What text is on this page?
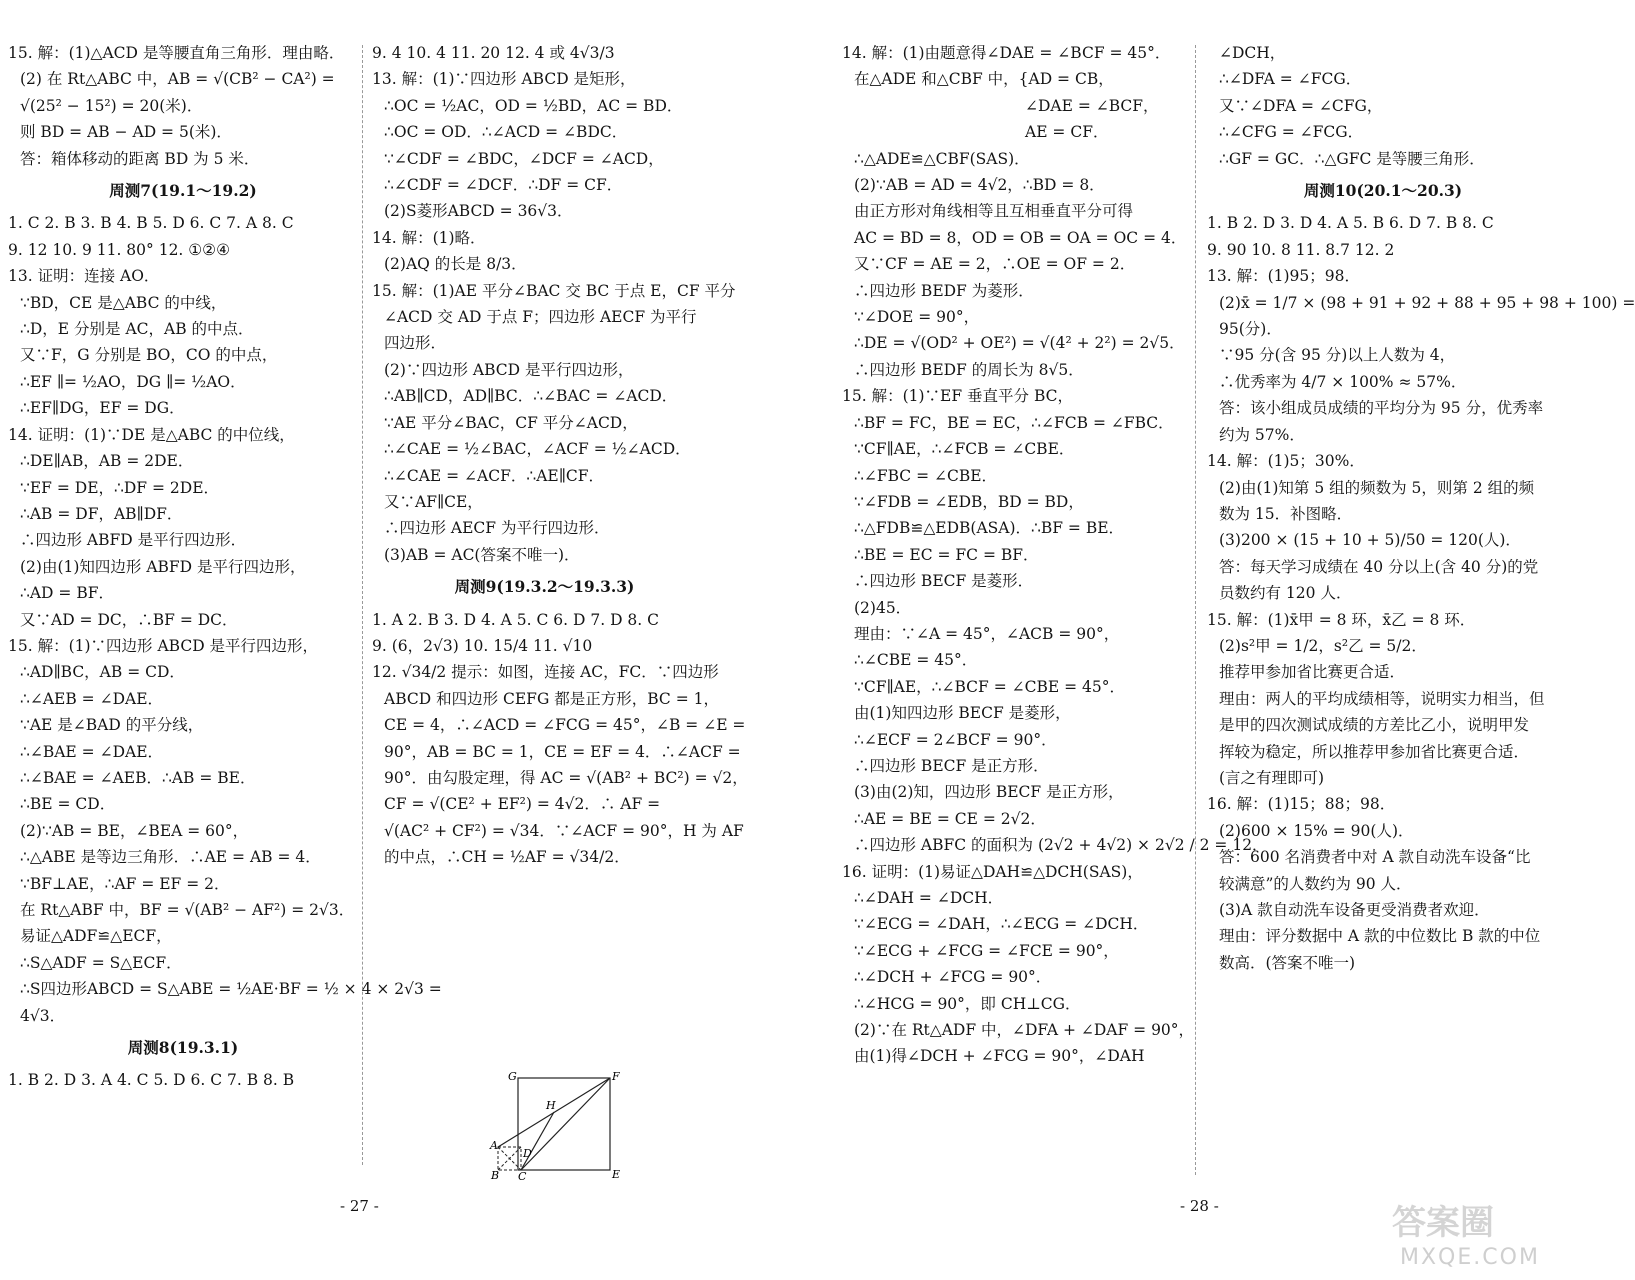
15. 解：(1)△ACD 是等腰直角三角形．理由略．
(2) 在 Rt△ABC 中，AB = √(CB² − CA²) =
√(25² − 15²) = 20(米)．
则 BD = AB − AD = 5(米)．
答：箱体移动的距离 BD 为 5 米．
周测7(19.1～19.2)
1. C 2. B 3. B 4. B 5. D 6. C 7. A 8. C
9. 12 10. 9 11. 80° 12. ①②④
13. 证明：连接 AO．
∵BD，CE 是△ABC 的中线，
∴D，E 分别是 AC，AB 的中点．
又∵F，G 分别是 BO，CO 的中点，
∴EF ∥= ½AO，DG ∥= ½AO．
∴EF∥DG，EF = DG．
14. 证明：(1)∵DE 是△ABC 的中位线，
∴DE∥AB，AB = 2DE．
∵EF = DE，∴DF = 2DE．
∴AB = DF，AB∥DF．
∴四边形 ABFD 是平行四边形．
(2)由(1)知四边形 ABFD 是平行四边形，
∴AD = BF．
又∵AD = DC，∴BF = DC．
15. 解：(1)∵四边形 ABCD 是平行四边形，
∴AD∥BC，AB = CD．
∴∠AEB = ∠DAE．
∵AE 是∠BAD 的平分线，
∴∠BAE = ∠DAE．
∴∠BAE = ∠AEB．∴AB = BE．
∴BE = CD．
(2)∵AB = BE，∠BEA = 60°，
∴△ABE 是等边三角形．∴AE = AB = 4．
∵BF⊥AE，∴AF = EF = 2．
在 Rt△ABF 中，BF = √(AB² − AF²) = 2√3．
易证△ADF≌△ECF，
∴S△ADF = S△ECF．
∴S四边形ABCD = S△ABE = ½AE·BF = ½ × 4 × 2√3 =
4√3．
周测8(19.3.1)
1. B 2. D 3. A 4. C 5. D 6. C 7. B 8. B
9. 4 10. 4 11. 20 12. 4 或 4√3/3
13. 解：(1)∵四边形 ABCD 是矩形，
∴OC = ½AC，OD = ½BD，AC = BD．
∴OC = OD．∴∠ACD = ∠BDC．
∵∠CDF = ∠BDC，∠DCF = ∠ACD，
∴∠CDF = ∠DCF．∴DF = CF．
(2)S菱形ABCD = 36√3．
14. 解：(1)略．
(2)AQ 的长是 8/3．
15. 解：(1)AE 平分∠BAC 交 BC 于点 E，CF 平分
∠ACD 交 AD 于点 F；四边形 AECF 为平行
四边形．
(2)∵四边形 ABCD 是平行四边形，
∴AB∥CD，AD∥BC．∴∠BAC = ∠ACD．
∵AE 平分∠BAC，CF 平分∠ACD，
∴∠CAE = ½∠BAC，∠ACF = ½∠ACD．
∴∠CAE = ∠ACF．∴AE∥CF．
又∵AF∥CE，
∴四边形 AECF 为平行四边形．
(3)AB = AC(答案不唯一)．
周测9(19.3.2～19.3.3)
1. A 2. B 3. D 4. A 5. C 6. D 7. D 8. C
9. (6，2√3) 10. 15/4 11. √10
12. √34/2 提示：如图，连接 AC，FC．∵四边形
ABCD 和四边形 CEFG 都是正方形，BC = 1，
CE = 4，∴∠ACD = ∠FCG = 45°，∠B = ∠E =
90°，AB = BC = 1，CE = EF = 4．∴∠ACF =
90°．由勾股定理，得 AC = √(AB² + BC²) = √2，
CF = √(CE² + EF²) = 4√2．∴ AF =
√(AC² + CF²) = √34．∵∠ACF = 90°，H 为 AF
的中点，∴CH = ½AF = √34/2．
G	F
H
A
D
B C	E
- 27 -
14. 解：(1)由题意得∠DAE = ∠BCF = 45°．
在△ADE 和△CBF 中，{AD = CB，
∠DAE = ∠BCF，
AE = CF．
∴△ADE≌△CBF(SAS)．
(2)∵AB = AD = 4√2，∴BD = 8．
由正方形对角线相等且互相垂直平分可得
AC = BD = 8，OD = OB = OA = OC = 4．
又∵CF = AE = 2，∴OE = OF = 2．
∴四边形 BEDF 为菱形．
∵∠DOE = 90°，
∴DE = √(OD² + OE²) = √(4² + 2²) = 2√5．
∴四边形 BEDF 的周长为 8√5．
15. 解：(1)∵EF 垂直平分 BC，
∴BF = FC，BE = EC，∴∠FCB = ∠FBC．
∵CF∥AE，∴∠FCB = ∠CBE．
∴∠FBC = ∠CBE．
∵∠FDB = ∠EDB，BD = BD，
∴△FDB≌△EDB(ASA)．∴BF = BE．
∴BE = EC = FC = BF．
∴四边形 BECF 是菱形．
(2)45．
理由：∵∠A = 45°，∠ACB = 90°，
∴∠CBE = 45°．
∵CF∥AE，∴∠BCF = ∠CBE = 45°．
由(1)知四边形 BECF 是菱形，
∴∠ECF = 2∠BCF = 90°．
∴四边形 BECF 是正方形．
(3)由(2)知，四边形 BECF 是正方形，
∴AE = BE = CE = 2√2．
∴四边形 ABFC 的面积为 (2√2 + 4√2) × 2√2 / 2 = 12．
16. 证明：(1)易证△DAH≌△DCH(SAS)，
∴∠DAH = ∠DCH．
∵∠ECG = ∠DAH，∴∠ECG = ∠DCH．
∵∠ECG + ∠FCG = ∠FCE = 90°，
∴∠DCH + ∠FCG = 90°．
∴∠HCG = 90°，即 CH⊥CG．
(2)∵在 Rt△ADF 中，∠DFA + ∠DAF = 90°，
由(1)得∠DCH + ∠FCG = 90°，∠DAH
∠DCH，
∴∠DFA = ∠FCG．
又∵∠DFA = ∠CFG，
∴∠CFG = ∠FCG．
∴GF = GC．∴△GFC 是等腰三角形．
周测10(20.1～20.3)
1. B 2. D 3. D 4. A 5. B 6. D 7. B 8. C
9. 90 10. 8 11. 8.7 12. 2
13. 解：(1)95；98．
(2)x̄ = 1/7 × (98 + 91 + 92 + 88 + 95 + 98 + 100) =
95(分)．
∵95 分(含 95 分)以上人数为 4，
∴优秀率为 4/7 × 100% ≈ 57%．
答：该小组成员成绩的平均分为 95 分，优秀率
约为 57%．
14. 解：(1)5；30%．
(2)由(1)知第 5 组的频数为 5，则第 2 组的频
数为 15．补图略．
(3)200 × (15 + 10 + 5)/50 = 120(人)．
答：每天学习成绩在 40 分以上(含 40 分)的党
员数约有 120 人．
15. 解：(1)x̄甲 = 8 环，x̄乙 = 8 环．
(2)s²甲 = 1/2，s²乙 = 5/2．
推荐甲参加省比赛更合适．
理由：两人的平均成绩相等，说明实力相当，但
是甲的四次测试成绩的方差比乙小，说明甲发
挥较为稳定，所以推荐甲参加省比赛更合适．
(言之有理即可)
16. 解：(1)15；88；98．
(2)600 × 15% = 90(人)．
答：600 名消费者中对 A 款自动洗车设备“比
较满意”的人数约为 90 人．
(3)A 款自动洗车设备更受消费者欢迎．
理由：评分数据中 A 款的中位数比 B 款的中位
数高．(答案不唯一)
- 28 -	答案圈
MXQE.COM
